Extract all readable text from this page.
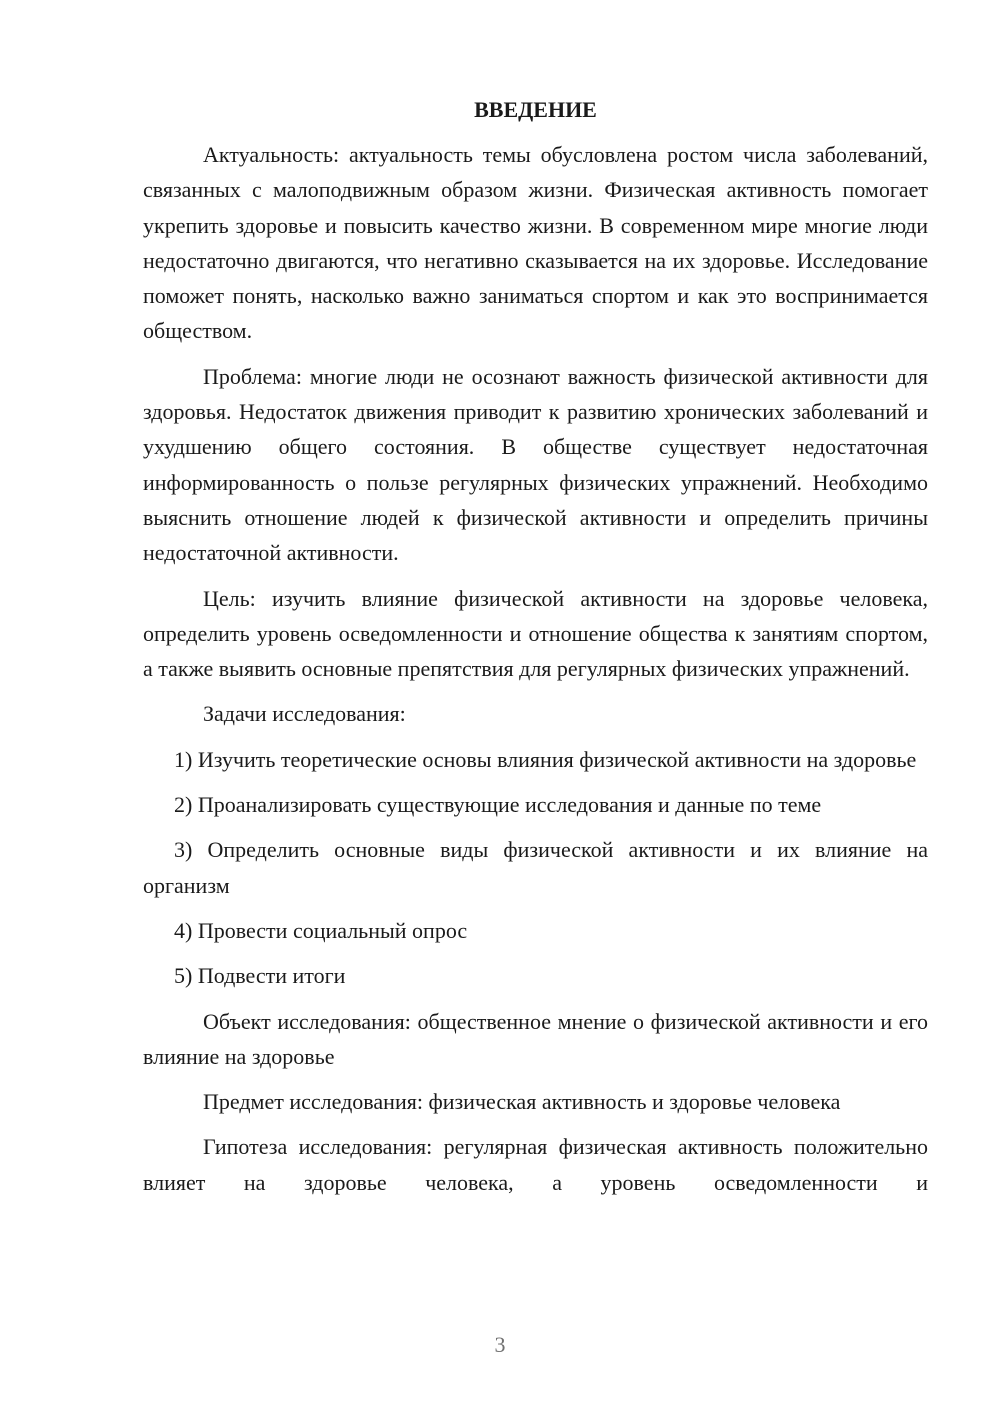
ВВЕДЕНИЕ

Актуальность: актуальность темы обусловлена ростом числа заболеваний, связанных с малоподвижным образом жизни. Физическая активность помогает укрепить здоровье и повысить качество жизни. В современном мире многие люди недостаточно двигаются, что негативно сказывается на их здоровье. Исследование поможет понять, насколько важно заниматься спортом и как это воспринимается обществом.

Проблема: многие люди не осознают важность физической активности для здоровья. Недостаток движения приводит к развитию хронических заболеваний и ухудшению общего состояния. В обществе существует недостаточная информированность о пользе регулярных физических упражнений. Необходимо выяснить отношение людей к физической активности и определить причины недостаточной активности.

Цель: изучить влияние физической активности на здоровье человека, определить уровень осведомленности и отношение общества к занятиям спортом, а также выявить основные препятствия для регулярных физических упражнений.

Задачи исследования:

1) Изучить теоретические основы влияния физической активности на здоровье

2) Проанализировать существующие исследования и данные по теме

3) Определить основные виды физической активности и их влияние на организм

4) Провести социальный опрос

5) Подвести итоги

Объект исследования: общественное мнение о физической активности и его влияние на здоровье

Предмет исследования: физическая активность и здоровье человека

Гипотеза исследования: регулярная физическая активность положительно влияет на здоровье человека, а уровень осведомленности и

3
